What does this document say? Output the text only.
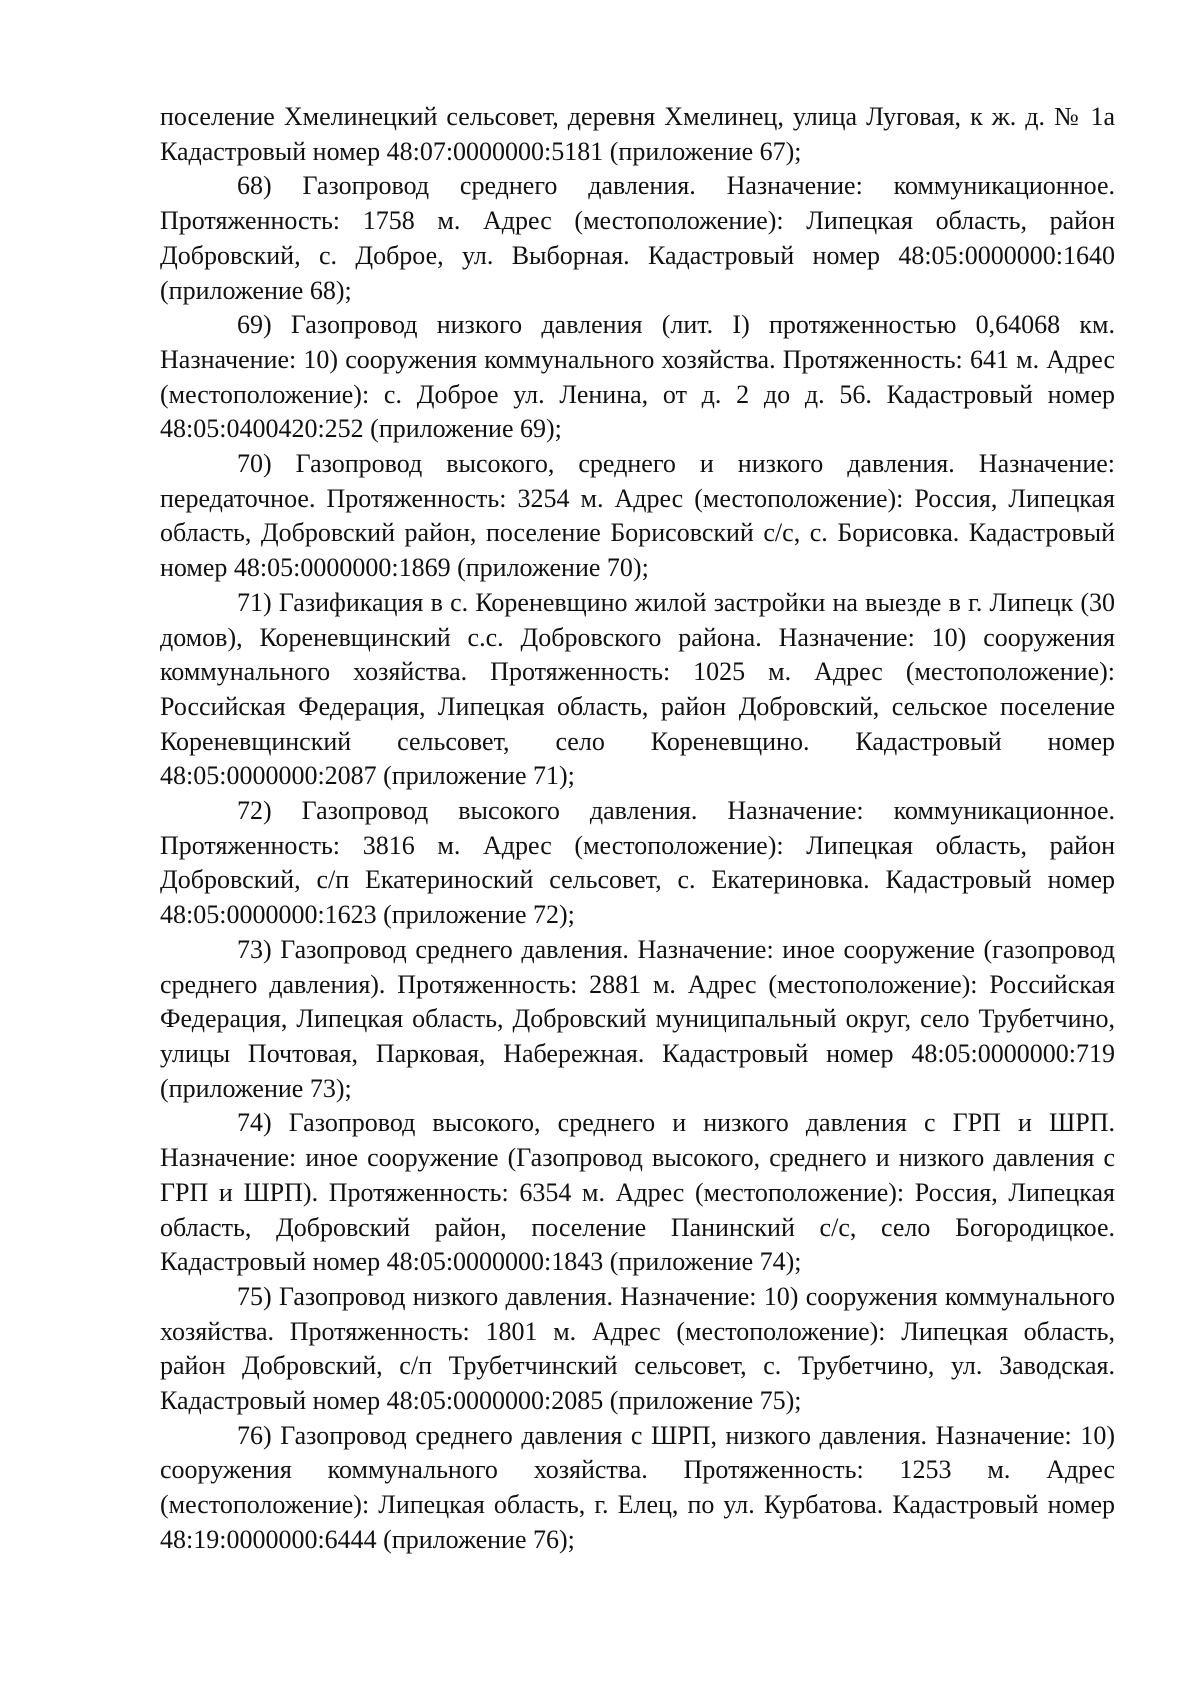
поселение Хмелинецкий сельсовет, деревня Хмелинец, улица Луговая, к ж. д. № 1а Кадастровый номер 48:07:0000000:5181 (приложение 67);

68) Газопровод среднего давления. Назначение: коммуникационное. Протяженность: 1758 м. Адрес (местоположение): Липецкая область, район Добровский, с. Доброе, ул. Выборная. Кадастровый номер 48:05:0000000:1640 (приложение 68);

69) Газопровод низкого давления (лит. I) протяженностью 0,64068 км. Назначение: 10) сооружения коммунального хозяйства. Протяженность: 641 м. Адрес (местоположение): с. Доброе ул. Ленина, от д. 2 до д. 56. Кадастровый номер 48:05:0400420:252 (приложение 69);

70) Газопровод высокого, среднего и низкого давления. Назначение: передаточное. Протяженность: 3254 м. Адрес (местоположение): Россия, Липецкая область, Добровский район, поселение Борисовский с/с, с. Борисовка. Кадастровый номер 48:05:0000000:1869 (приложение 70);

71) Газификация в с. Кореневщино жилой застройки на выезде в г. Липецк (30 домов), Кореневщинский с.с. Добровского района. Назначение: 10) сооружения коммунального хозяйства. Протяженность: 1025 м. Адрес (местоположение): Российская Федерация, Липецкая область, район Добровский, сельское поселение Кореневщинский сельсовет, село Кореневщино. Кадастровый номер 48:05:0000000:2087 (приложение 71);

72) Газопровод высокого давления. Назначение: коммуникационное. Протяженность: 3816 м. Адрес (местоположение): Липецкая область, район Добровский, с/п Екатериноский сельсовет, с. Екатериновка. Кадастровый номер 48:05:0000000:1623 (приложение 72);

73) Газопровод среднего давления. Назначение: иное сооружение (газопровод среднего давления). Протяженность: 2881 м. Адрес (местоположение): Российская Федерация, Липецкая область, Добровский муниципальный округ, село Трубетчино, улицы Почтовая, Парковая, Набережная. Кадастровый номер 48:05:0000000:719 (приложение 73);

74) Газопровод высокого, среднего и низкого давления с ГРП и ШРП. Назначение: иное сооружение (Газопровод высокого, среднего и низкого давления с ГРП и ШРП). Протяженность: 6354 м. Адрес (местоположение): Россия, Липецкая область, Добровский район, поселение Панинский с/с, село Богородицкое. Кадастровый номер 48:05:0000000:1843 (приложение 74);

75) Газопровод низкого давления. Назначение: 10) сооружения коммунального хозяйства. Протяженность: 1801 м. Адрес (местоположение): Липецкая область, район Добровский, с/п Трубетчинский сельсовет, с. Трубетчино, ул. Заводская. Кадастровый номер 48:05:0000000:2085 (приложение 75);

76) Газопровод среднего давления с ШРП, низкого давления. Назначение: 10) сооружения коммунального хозяйства. Протяженность: 1253 м. Адрес (местоположение): Липецкая область, г. Елец, по ул. Курбатова. Кадастровый номер 48:19:0000000:6444 (приложение 76);
